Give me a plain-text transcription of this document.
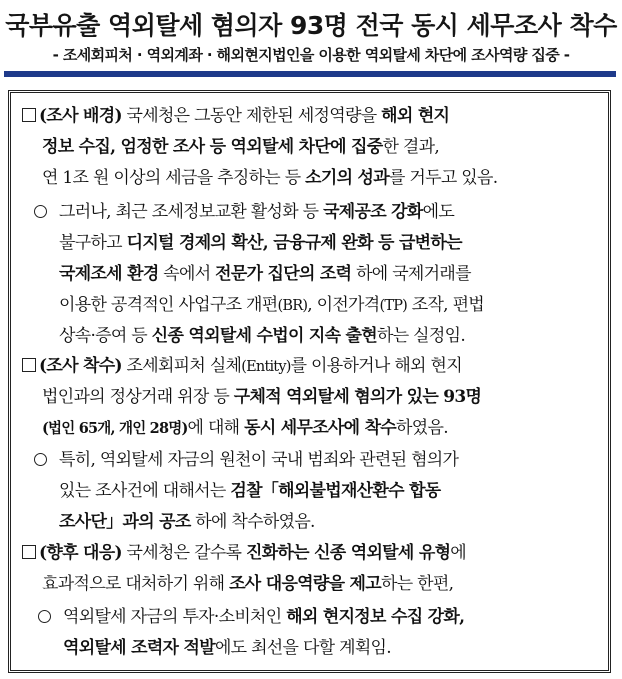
국부유출 역외탈세 혐의자 93명 전국 동시 세무조사 착수
- 조세회피처 · 역외계좌 · 해외현지법인을 이용한 역외탈세 차단에 조사역량 집중 -
(조사 배경) 국세청은 그동안 제한된 세정역량을 해외 현지
정보 수집, 엄정한 조사 등 역외탈세 차단에 집중한 결과,
연 1조 원 이상의 세금을 추징하는 등 소기의 성과를 거두고 있음.
그러나, 최근 조세정보교환 활성화 등 국제공조 강화에도
불구하고 디지털 경제의 확산, 금융규제 완화 등 급변하는
국제조세 환경 속에서 전문가 집단의 조력 하에 국제거래를
이용한 공격적인 사업구조 개편(BR), 이전가격(TP) 조작, 편법
상속·증여 등 신종 역외탈세 수법이 지속 출현하는 실정임.
(조사 착수) 조세회피처 실체(Entity)를 이용하거나 해외 현지
법인과의 정상거래 위장 등 구체적 역외탈세 혐의가 있는 93명
(법인 65개, 개인 28명)에 대해 동시 세무조사에 착수하였음.
특히, 역외탈세 자금의 원천이 국내 범죄와 관련된 혐의가
있는 조사건에 대해서는 검찰「해외불법재산환수 합동
조사단」과의 공조 하에 착수하였음.
(향후 대응) 국세청은 갈수록 진화하는 신종 역외탈세 유형에
효과적으로 대처하기 위해 조사 대응역량을 제고하는 한편,
역외탈세 자금의 투자·소비처인 해외 현지정보 수집 강화,
역외탈세 조력자 적발에도 최선을 다할 계획임.
